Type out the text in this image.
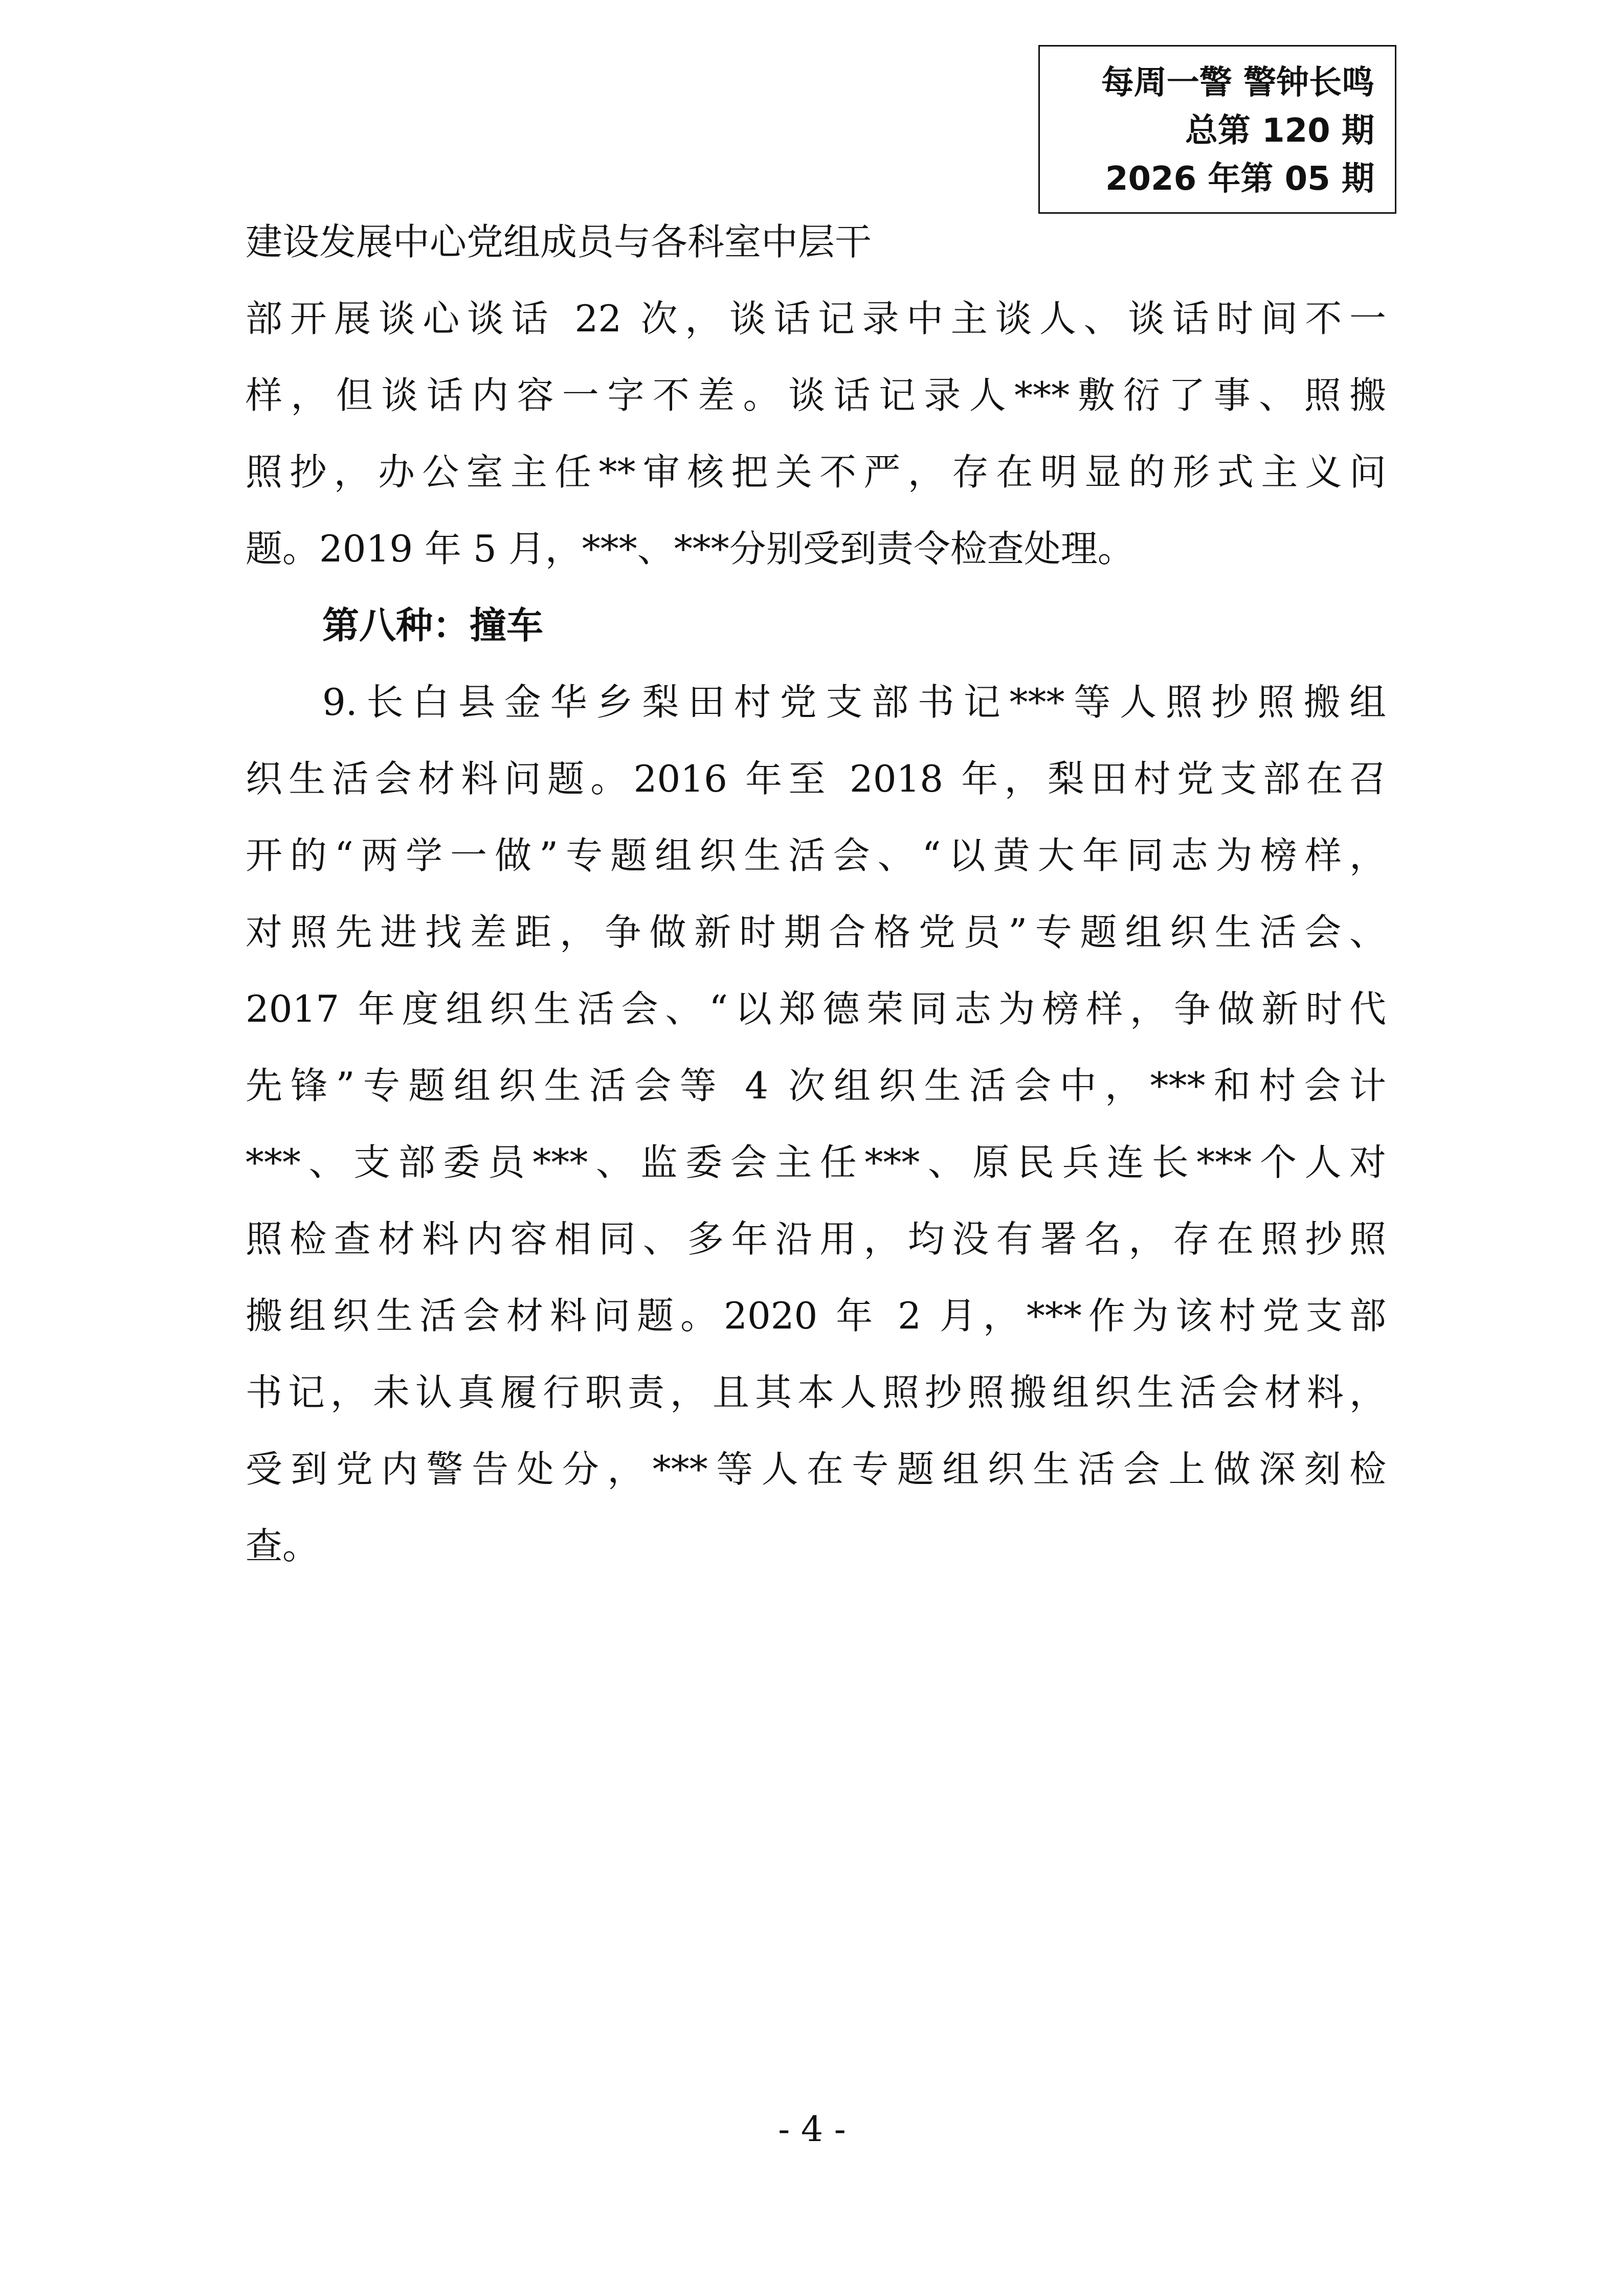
每周一警 警钟长鸣
总第 120 期
2026 年第 05 期
建设发展中心党组成员与各科室中层干
部开展谈心谈话 22 次，谈话记录中主谈人、谈话时间不一
样，但谈话内容一字不差。谈话记录人***敷衍了事、照搬
照抄，办公室主任**审核把关不严，存在明显的形式主义问
题。2019 年 5 月，***、***分别受到责令检查处理。
第八种：撞车
9.长白县金华乡梨田村党支部书记***等人照抄照搬组
织生活会材料问题。2016 年至 2018 年，梨田村党支部在召
开的“两学一做”专题组织生活会、“以黄大年同志为榜样，
对照先进找差距，争做新时期合格党员”专题组织生活会、
2017 年度组织生活会、“以郑德荣同志为榜样，争做新时代
先锋”专题组织生活会等 4 次组织生活会中，***和村会计
***、支部委员***、监委会主任***、原民兵连长***个人对
照检查材料内容相同、多年沿用，均没有署名，存在照抄照
搬组织生活会材料问题。2020 年 2 月，***作为该村党支部
书记，未认真履行职责，且其本人照抄照搬组织生活会材料，
受到党内警告处分，***等人在专题组织生活会上做深刻检
查。
- 4 -
